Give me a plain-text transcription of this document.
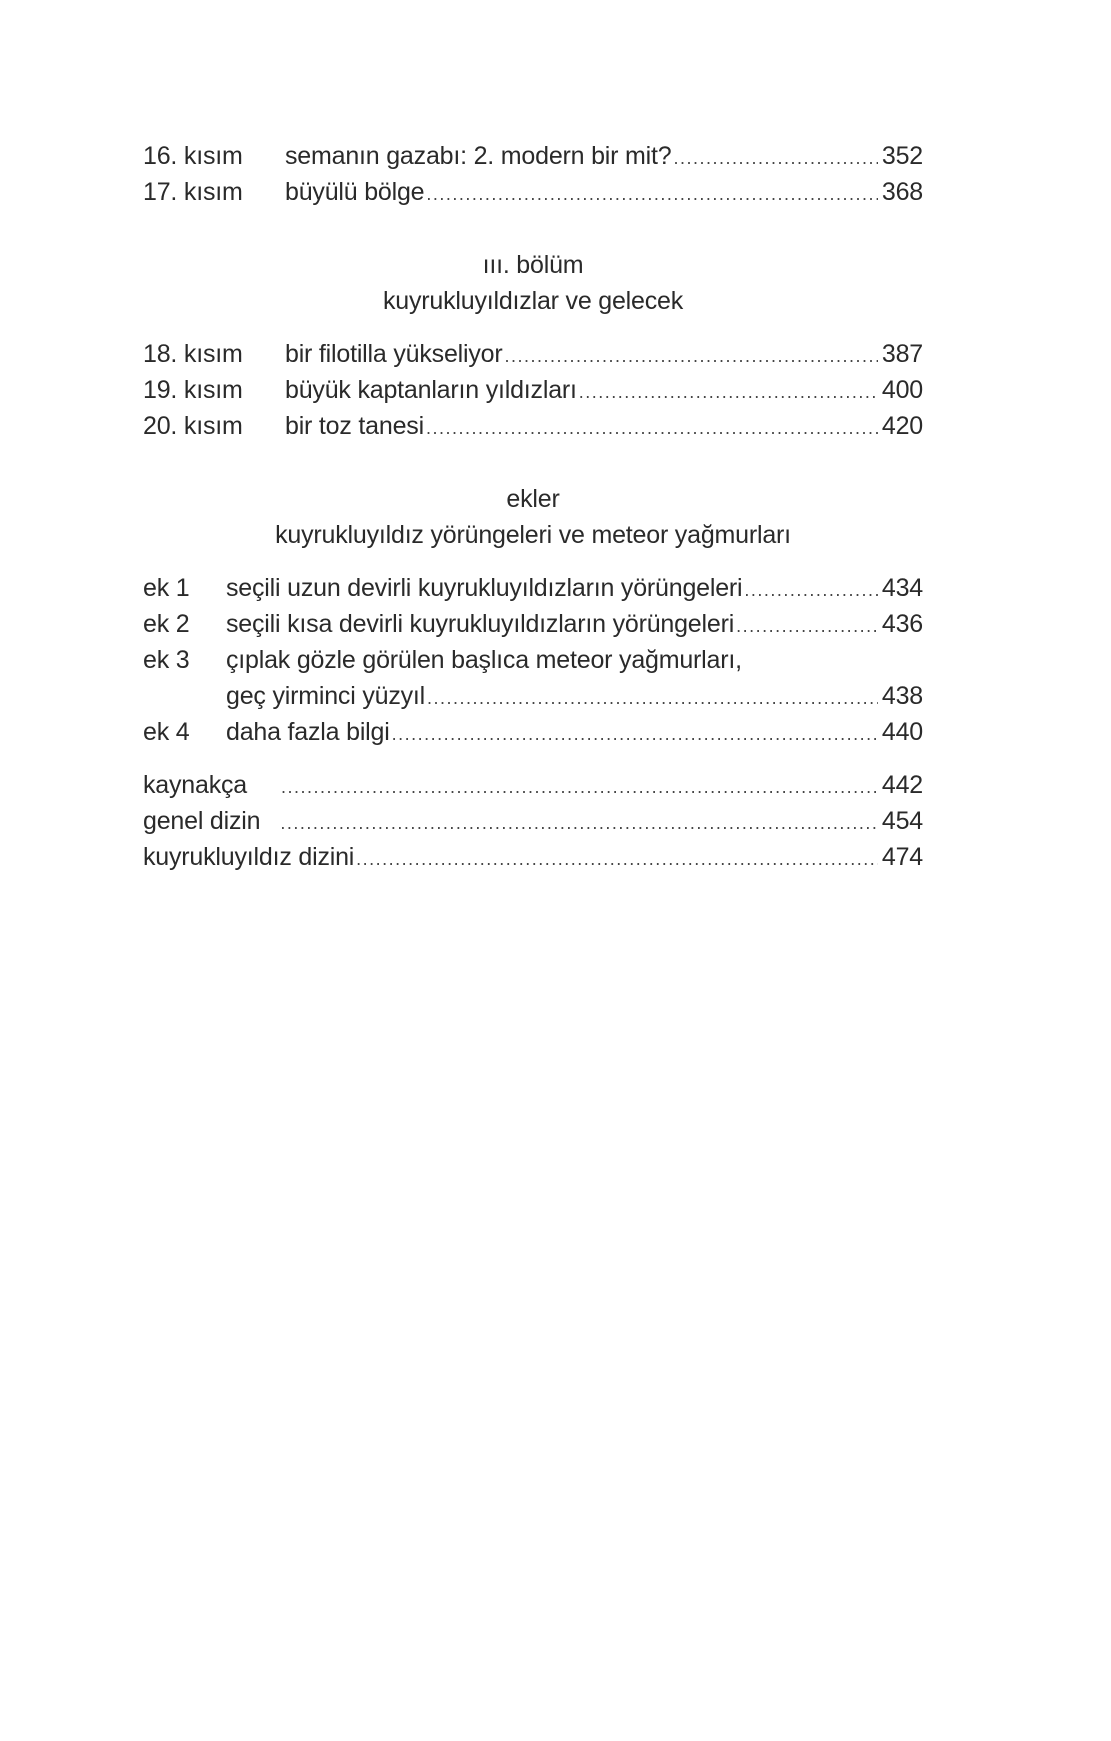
16. kısım	semanın gazabı: 2. modern bir mit? .....	352
17. kısım	büyülü bölge .....	368
ııı. bölüm
kuyrukluyıldızlar ve gelecek
18. kısım	bir filotilla yükseliyor .....	387
19. kısım	büyük kaptanların yıldızları .....	400
20. kısım	bir toz tanesi .....	420
ekler
kuyrukluyıldız yörüngeleri ve meteor yağmurları
ek 1	seçili uzun devirli kuyrukluyıldızların yörüngeleri .....	434
ek 2	seçili kısa devirli kuyrukluyıldızların yörüngeleri .....	436
ek 3	çıplak gözle görülen başlıca meteor yağmurları,
geç yirminci yüzyıl .....	438
ek 4	daha fazla bilgi .....	440
kaynakça .....	442
genel dizin .....	454
kuyrukluyıldız dizini .....	474
